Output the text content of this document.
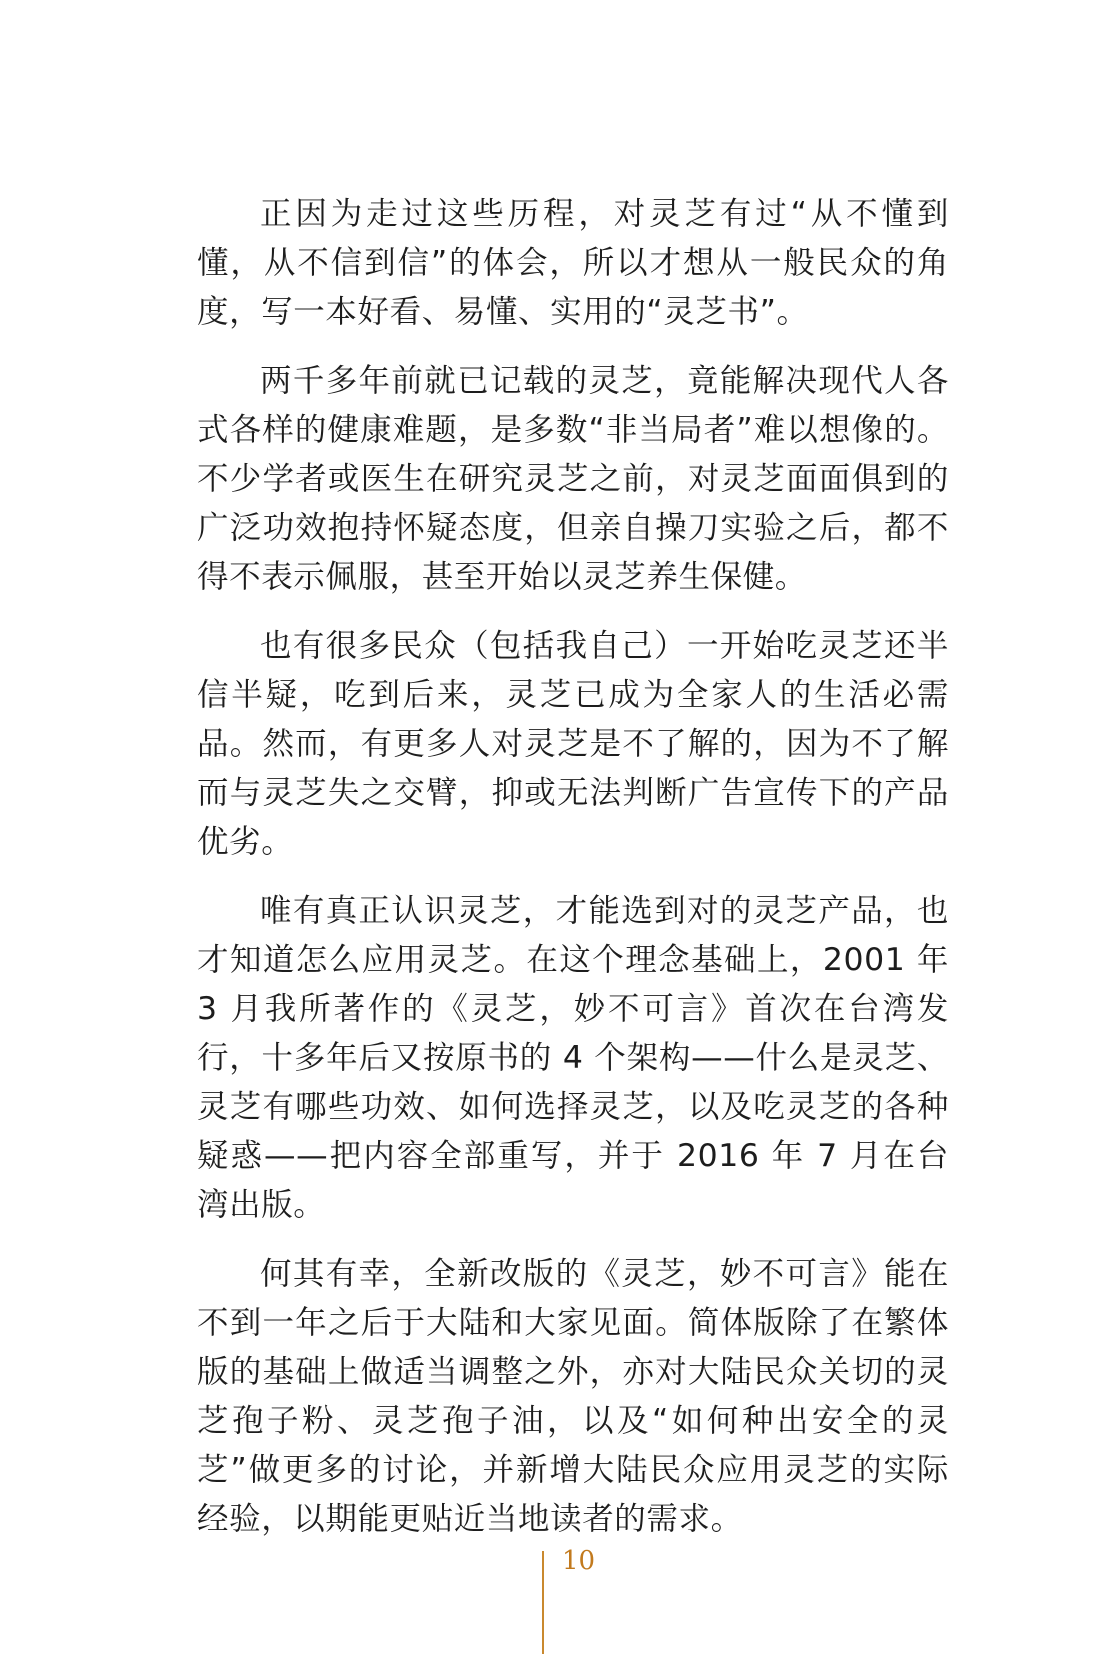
正因为走过这些历程，对灵芝有过“从不懂到懂，从不信到信”的体会，所以才想从一般民众的角度，写一本好看、易懂、实用的“灵芝书”。

两千多年前就已记载的灵芝，竟能解决现代人各式各样的健康难题，是多数“非当局者”难以想像的。不少学者或医生在研究灵芝之前，对灵芝面面俱到的广泛功效抱持怀疑态度，但亲自操刀实验之后，都不得不表示佩服，甚至开始以灵芝养生保健。

也有很多民众（包括我自己）一开始吃灵芝还半信半疑，吃到后来，灵芝已成为全家人的生活必需品。然而，有更多人对灵芝是不了解的，因为不了解而与灵芝失之交臂，抑或无法判断广告宣传下的产品优劣。

唯有真正认识灵芝，才能选到对的灵芝产品，也才知道怎么应用灵芝。在这个理念基础上，2001 年 3 月我所著作的《灵芝，妙不可言》首次在台湾发行，十多年后又按原书的 4 个架构——什么是灵芝、灵芝有哪些功效、如何选择灵芝，以及吃灵芝的各种疑惑——把内容全部重写，并于 2016 年 7 月在台湾出版。

何其有幸，全新改版的《灵芝，妙不可言》能在不到一年之后于大陆和大家见面。简体版除了在繁体版的基础上做适当调整之外，亦对大陆民众关切的灵芝孢子粉、灵芝孢子油，以及“如何种出安全的灵芝”做更多的讨论，并新增大陆民众应用灵芝的实际经验，以期能更贴近当地读者的需求。

10
